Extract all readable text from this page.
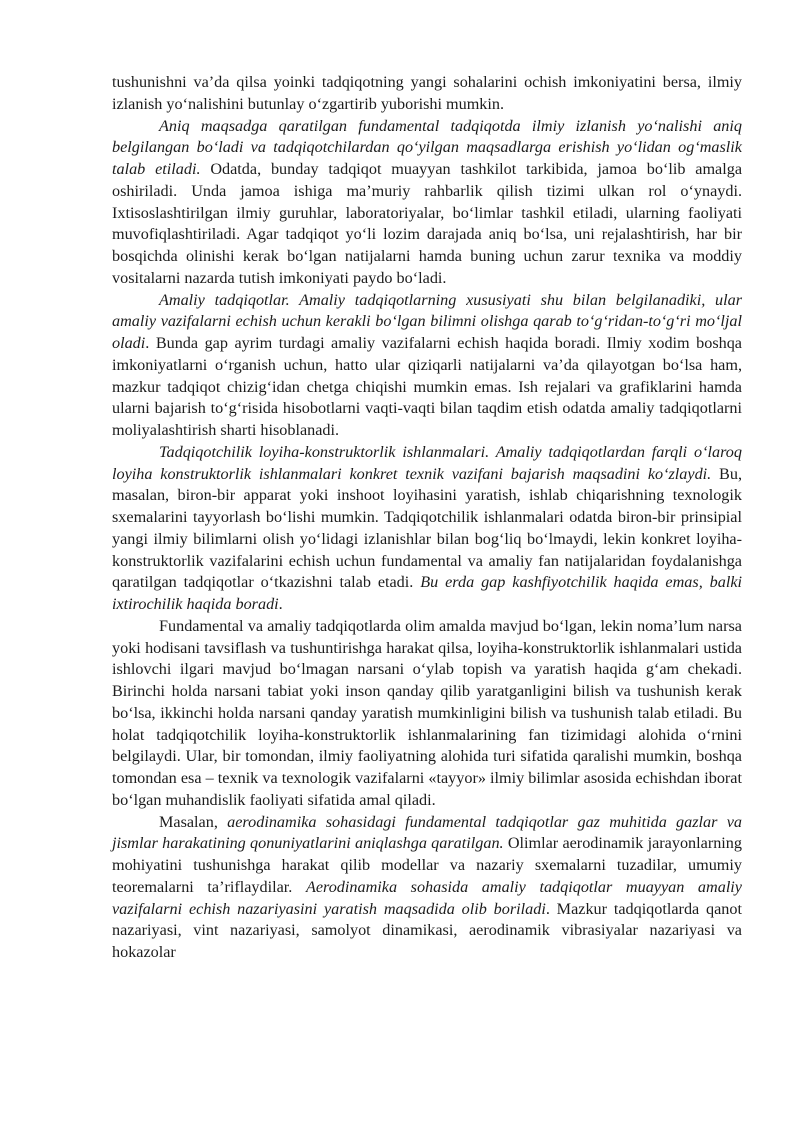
tushunishni va’da qilsa yoinki tadqiqotning yangi sohalarini ochish imkoniyatini bersa, ilmiy izlanish yo‘nalishini butunlay o‘zgartirib yuborishi mumkin.

Aniq maqsadga qaratilgan fundamental tadqiqotda ilmiy izlanish yo‘nalishi aniq belgilangan bo‘ladi va tadqiqotchilardan qo‘yilgan maqsadlarga erishish yo‘lidan og‘maslik talab etiladi. Odatda, bunday tadqiqot muayyan tashkilot tarkibida, jamoa bo‘lib amalga oshiriladi. Unda jamoa ishiga ma’muriy rahbarlik qilish tizimi ulkan rol o‘ynaydi. Ixtisoslashtirilgan ilmiy guruhlar, laboratoriyalar, bo‘limlar tashkil etiladi, ularning faoliyati muvofiqlashtiriladi. Agar tadqiqot yo‘li lozim darajada aniq bo‘lsa, uni rejalashtirish, har bir bosqichda olinishi kerak bo‘lgan natijalarni hamda buning uchun zarur texnika va moddiy vositalarni nazarda tutish imkoniyati paydo bo‘ladi.

Amaliy tadqiqotlar. Amaliy tadqiqotlarning xususiyati shu bilan belgilanadiki, ular amaliy vazifalarni echish uchun kerakli bo‘lgan bilimni olishga qarab to‘g‘ridan-to‘g‘ri mo‘ljal oladi. Bunda gap ayrim turdagi amaliy vazifalarni echish haqida boradi. Ilmiy xodim boshqa imkoniyatlarni o‘rganish uchun, hatto ular qiziqarli natijalarni va’da qilayotgan bo‘lsa ham, mazkur tadqiqot chizig‘idan chetga chiqishi mumkin emas. Ish rejalari va grafiklarini hamda ularni bajarish to‘g‘risida hisobotlarni vaqti-vaqti bilan taqdim etish odatda amaliy tadqiqotlarni moliyalashtirish sharti hisoblanadi.

Tadqiqotchilik loyiha-konstruktorlik ishlanmalari. Amaliy tadqiqotlardan farqli o‘laroq loyiha konstruktorlik ishlanmalari konkret texnik vazifani bajarish maqsadini ko‘zlaydi. Bu, masalan, biron-bir apparat yoki inshoot loyihasini yaratish, ishlab chiqarishning texnologik sxemalarini tayyorlash bo‘lishi mumkin. Tadqiqotchilik ishlanmalari odatda biron-bir prinsipial yangi ilmiy bilimlarni olish yo‘lidagi izlanishlar bilan bog‘liq bo‘lmaydi, lekin konkret loyiha-konstruktorlik vazifalarini echish uchun fundamental va amaliy fan natijalaridan foydalanishga qaratilgan tadqiqotlar o‘tkazishni talab etadi. Bu erda gap kashfiyotchilik haqida emas, balki ixtirochilik haqida boradi.

Fundamental va amaliy tadqiqotlarda olim amalda mavjud bo‘lgan, lekin noma’lum narsa yoki hodisani tavsiflash va tushuntirishga harakat qilsa, loyiha-konstruktorlik ishlanmalari ustida ishlovchi ilgari mavjud bo‘lmagan narsani o‘ylab topish va yaratish haqida g‘am chekadi. Birinchi holda narsani tabiat yoki inson qanday qilib yaratganligini bilish va tushunish kerak bo‘lsa, ikkinchi holda narsani qanday yaratish mumkinligini bilish va tushunish talab etiladi. Bu holat tadqiqotchilik loyiha-konstruktorlik ishlanmalarining fan tizimidagi alohida o‘rnini belgilaydi. Ular, bir tomondan, ilmiy faoliyatning alohida turi sifatida qaralishi mumkin, boshqa tomondan esa – texnik va texnologik vazifalarni «tayyor» ilmiy bilimlar asosida echishdan iborat bo‘lgan muhandislik faoliyati sifatida amal qiladi.

Masalan, aerodinamika sohasidagi fundamental tadqiqotlar gaz muhitida gazlar va jismlar harakatining qonuniyatlarini aniqlashga qaratilgan. Olimlar aerodinamik jarayonlarning mohiyatini tushunishga harakat qilib modellar va nazariy sxemalarni tuzadilar, umumiy teoremalarni ta’riflaydilar. Aerodinamika sohasida amaliy tadqiqotlar muayyan amaliy vazifalarni echish nazariyasini yaratish maqsadida olib boriladi. Mazkur tadqiqotlarda qanot nazariyasi, vint nazariyasi, samolyot dinamikasi, aerodinamik vibrasiyalar nazariyasi va hokazolar
